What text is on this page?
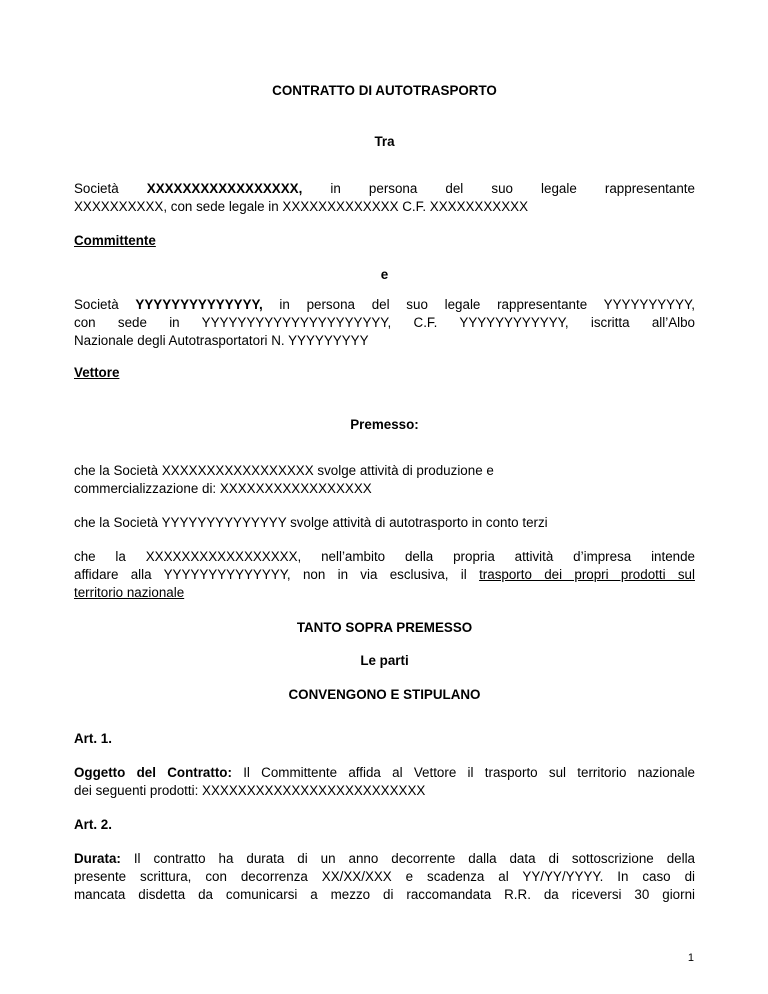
CONTRATTO DI AUTOTRASPORTO

Tra

Società XXXXXXXXXXXXXXXXX, in persona del suo legale rappresentante

XXXXXXXXXX, con sede legale in XXXXXXXXXXXXX C.F. XXXXXXXXXXX

Committente

e

Società YYYYYYYYYYYYYY, in persona del suo legale rappresentante YYYYYYYYYY,

con sede in YYYYYYYYYYYYYYYYYYYYY, C.F. YYYYYYYYYYYY, iscritta all’Albo

Nazionale degli Autotrasportatori N. YYYYYYYYY

Vettore

Premesso:

che la Società XXXXXXXXXXXXXXXXX svolge attività di produzione e

commercializzazione di: XXXXXXXXXXXXXXXXX

che la Società YYYYYYYYYYYYYY svolge attività di autotrasporto in conto terzi

che la XXXXXXXXXXXXXXXXX, nell’ambito della propria attività d’impresa intende

affidare alla YYYYYYYYYYYYYY, non in via esclusiva, il trasporto dei propri prodotti sul

territorio nazionale

TANTO SOPRA PREMESSO

Le parti

CONVENGONO E STIPULANO

Art. 1.

Oggetto del Contratto: Il Committente affida al Vettore il trasporto sul territorio nazionale

dei seguenti prodotti: XXXXXXXXXXXXXXXXXXXXXXXXX

Art. 2.

Durata: Il contratto ha durata di un anno decorrente dalla data di sottoscrizione della

presente scrittura, con decorrenza XX/XX/XXX e scadenza al YY/YY/YYYY. In caso di

mancata disdetta da comunicarsi a mezzo di raccomandata R.R. da riceversi 30 giorni

1
